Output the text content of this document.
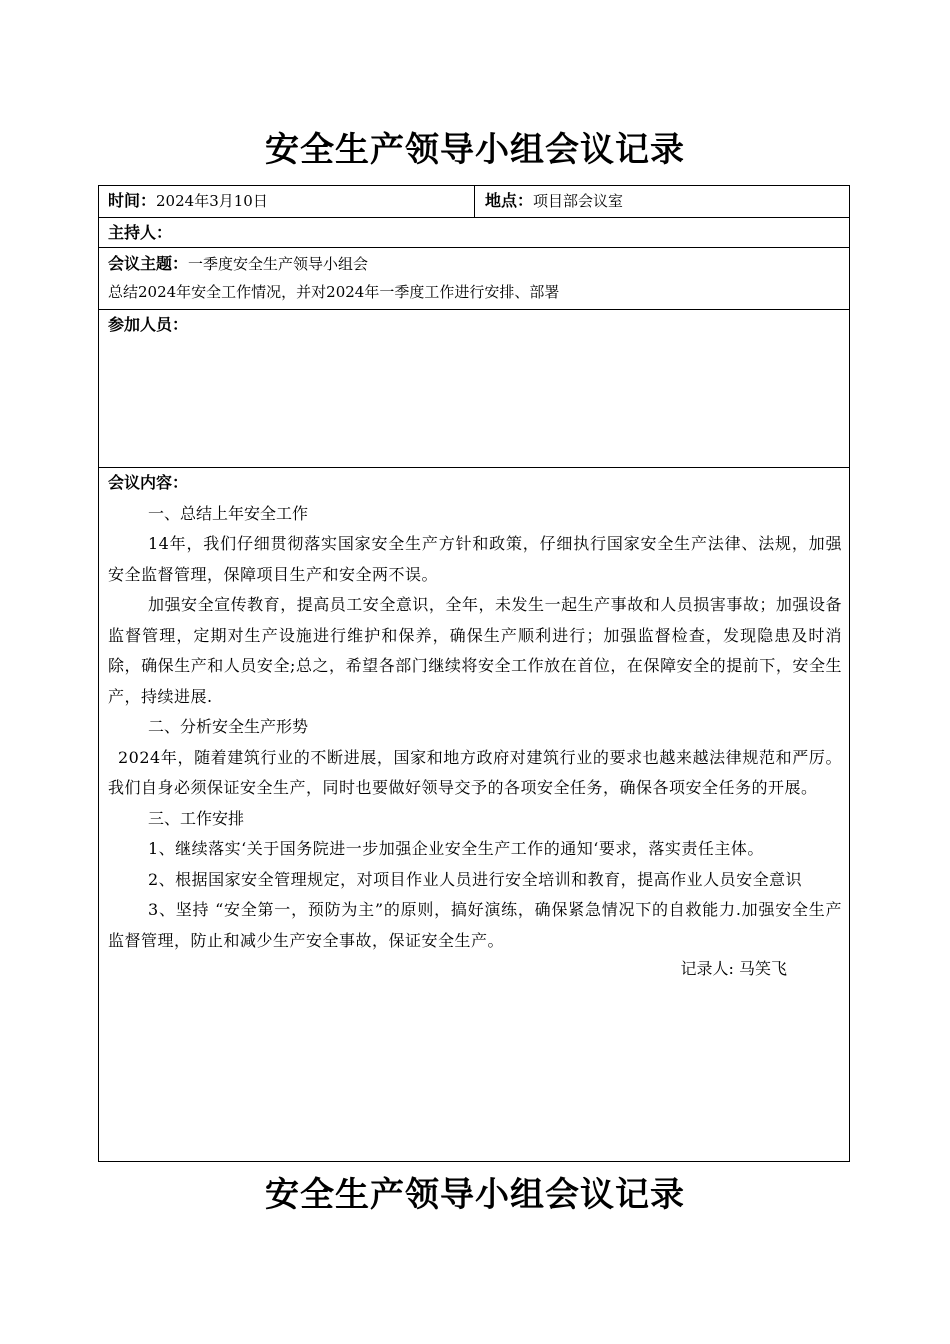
安全生产领导小组会议记录
时间：2024年3月10日	地点：项目部会议室
主持人：
会议主题：一季度安全生产领导小组会
总结2024年安全工作情况，并对2024年一季度工作进行安排、部署
参加人员：
会议内容：
一、总结上年安全工作

14年，我们仔细贯彻落实国家安全生产方针和政策，仔细执行国家安全生产法律、法规，加强安全监督管理，保障项目生产和安全两不误。

加强安全宣传教育，提高员工安全意识，全年，未发生一起生产事故和人员损害事故；加强设备监督管理，定期对生产设施进行维护和保养，确保生产顺利进行；加强监督检查，发现隐患及时消除，确保生产和人员安全;总之，希望各部门继续将安全工作放在首位，在保障安全的提前下，安全生产，持续进展.

二、分析安全生产形势

2024年，随着建筑行业的不断进展，国家和地方政府对建筑行业的要求也越来越法律规范和严厉。我们自身必须保证安全生产，同时也要做好领导交予的各项安全任务，确保各项安全任务的开展。

三、工作安排

1、继续落实‘关于国务院进一步加强企业安全生产工作的通知‘要求，落实责任主体。

2、根据国家安全管理规定，对项目作业人员进行安全培训和教育，提高作业人员安全意识

3、坚持 “安全第一，预防为主”的原则，搞好演练，确保紧急情况下的自救能力.加强安全生产监督管理，防止和减少生产安全事故，保证安全生产。

记录人: 马笑飞
安全生产领导小组会议记录
